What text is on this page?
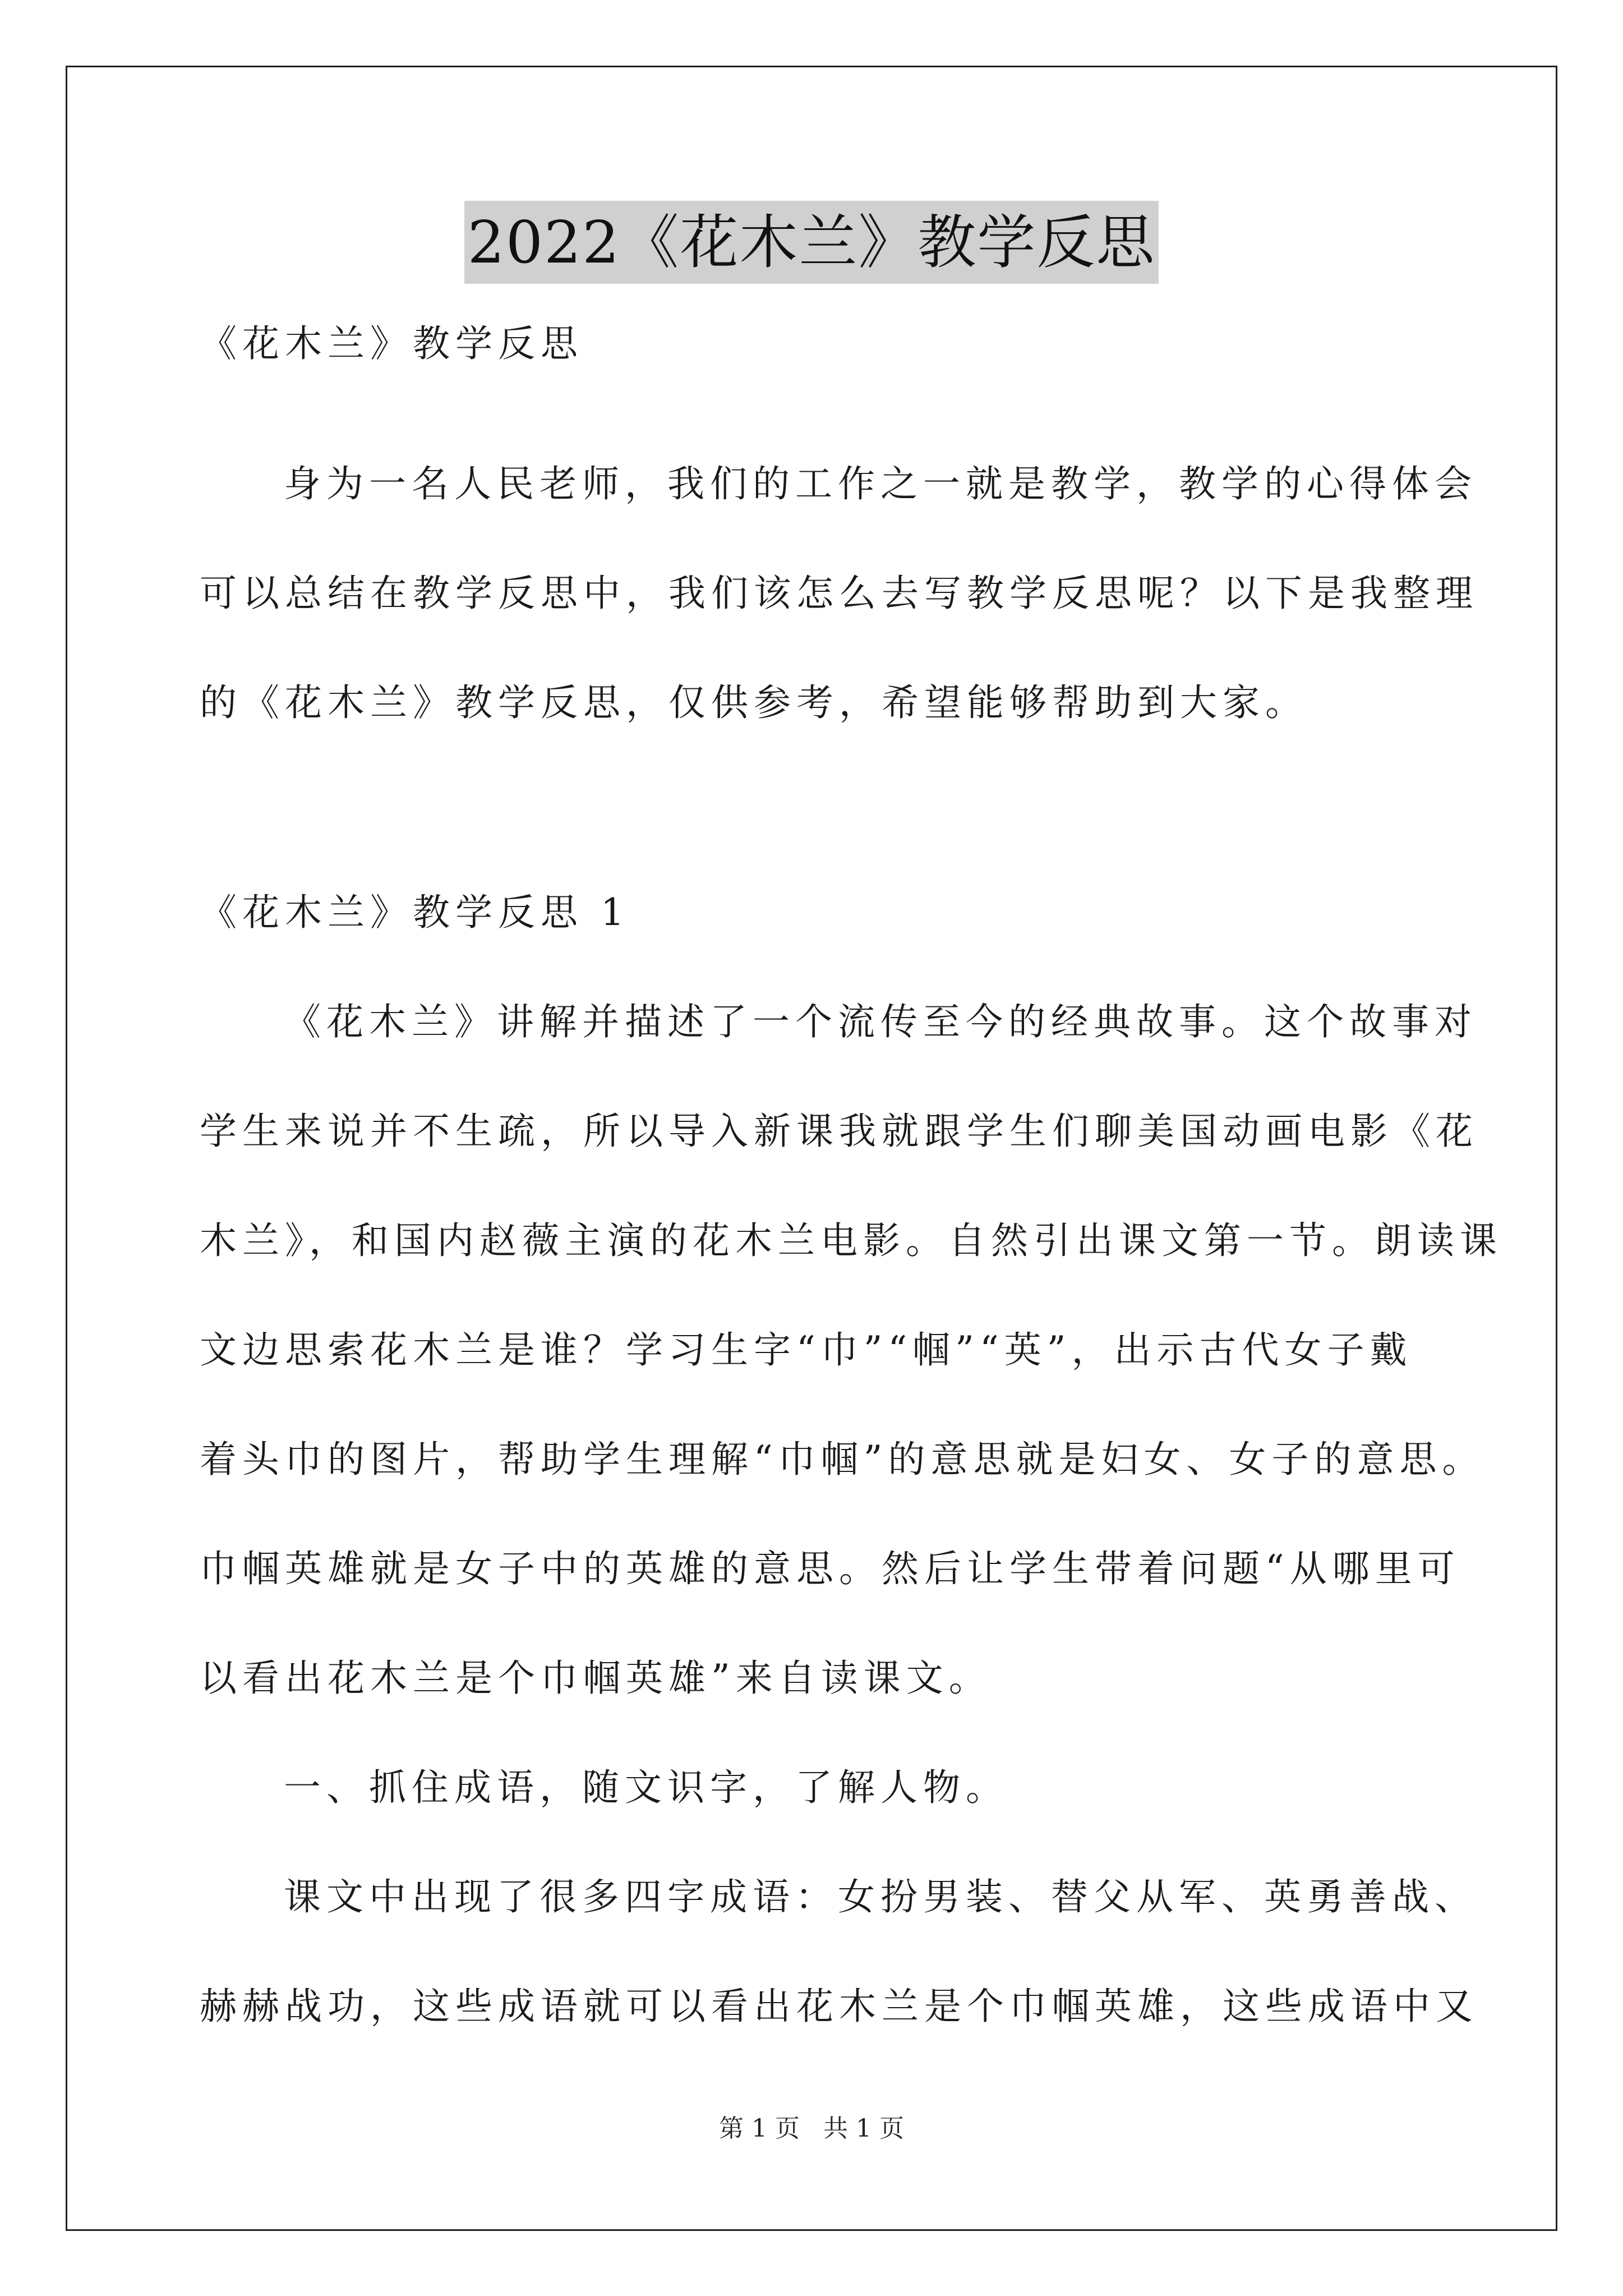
2022《花木兰》教学反思
《花木兰》教学反思
身为一名人民老师，我们的工作之一就是教学，教学的心得体会
可以总结在教学反思中，我们该怎么去写教学反思呢？以下是我整理
的《花木兰》教学反思，仅供参考，希望能够帮助到大家。
《花木兰》教学反思 1
《花木兰》讲解并描述了一个流传至今的经典故事。这个故事对
学生来说并不生疏，所以导入新课我就跟学生们聊美国动画电影《花
木兰》，和国内赵薇主演的花木兰电影。自然引出课文第一节。朗读课
文边思索花木兰是谁？学习生字“巾”“帼”“英”，出示古代女子戴
着头巾的图片，帮助学生理解“巾帼”的意思就是妇女、女子的意思。
巾帼英雄就是女子中的英雄的意思。然后让学生带着问题“从哪里可
以看出花木兰是个巾帼英雄”来自读课文。
一、抓住成语，随文识字，了解人物。
课文中出现了很多四字成语：女扮男装、替父从军、英勇善战、
赫赫战功，这些成语就可以看出花木兰是个巾帼英雄，这些成语中又
第 1 页 共 1 页
